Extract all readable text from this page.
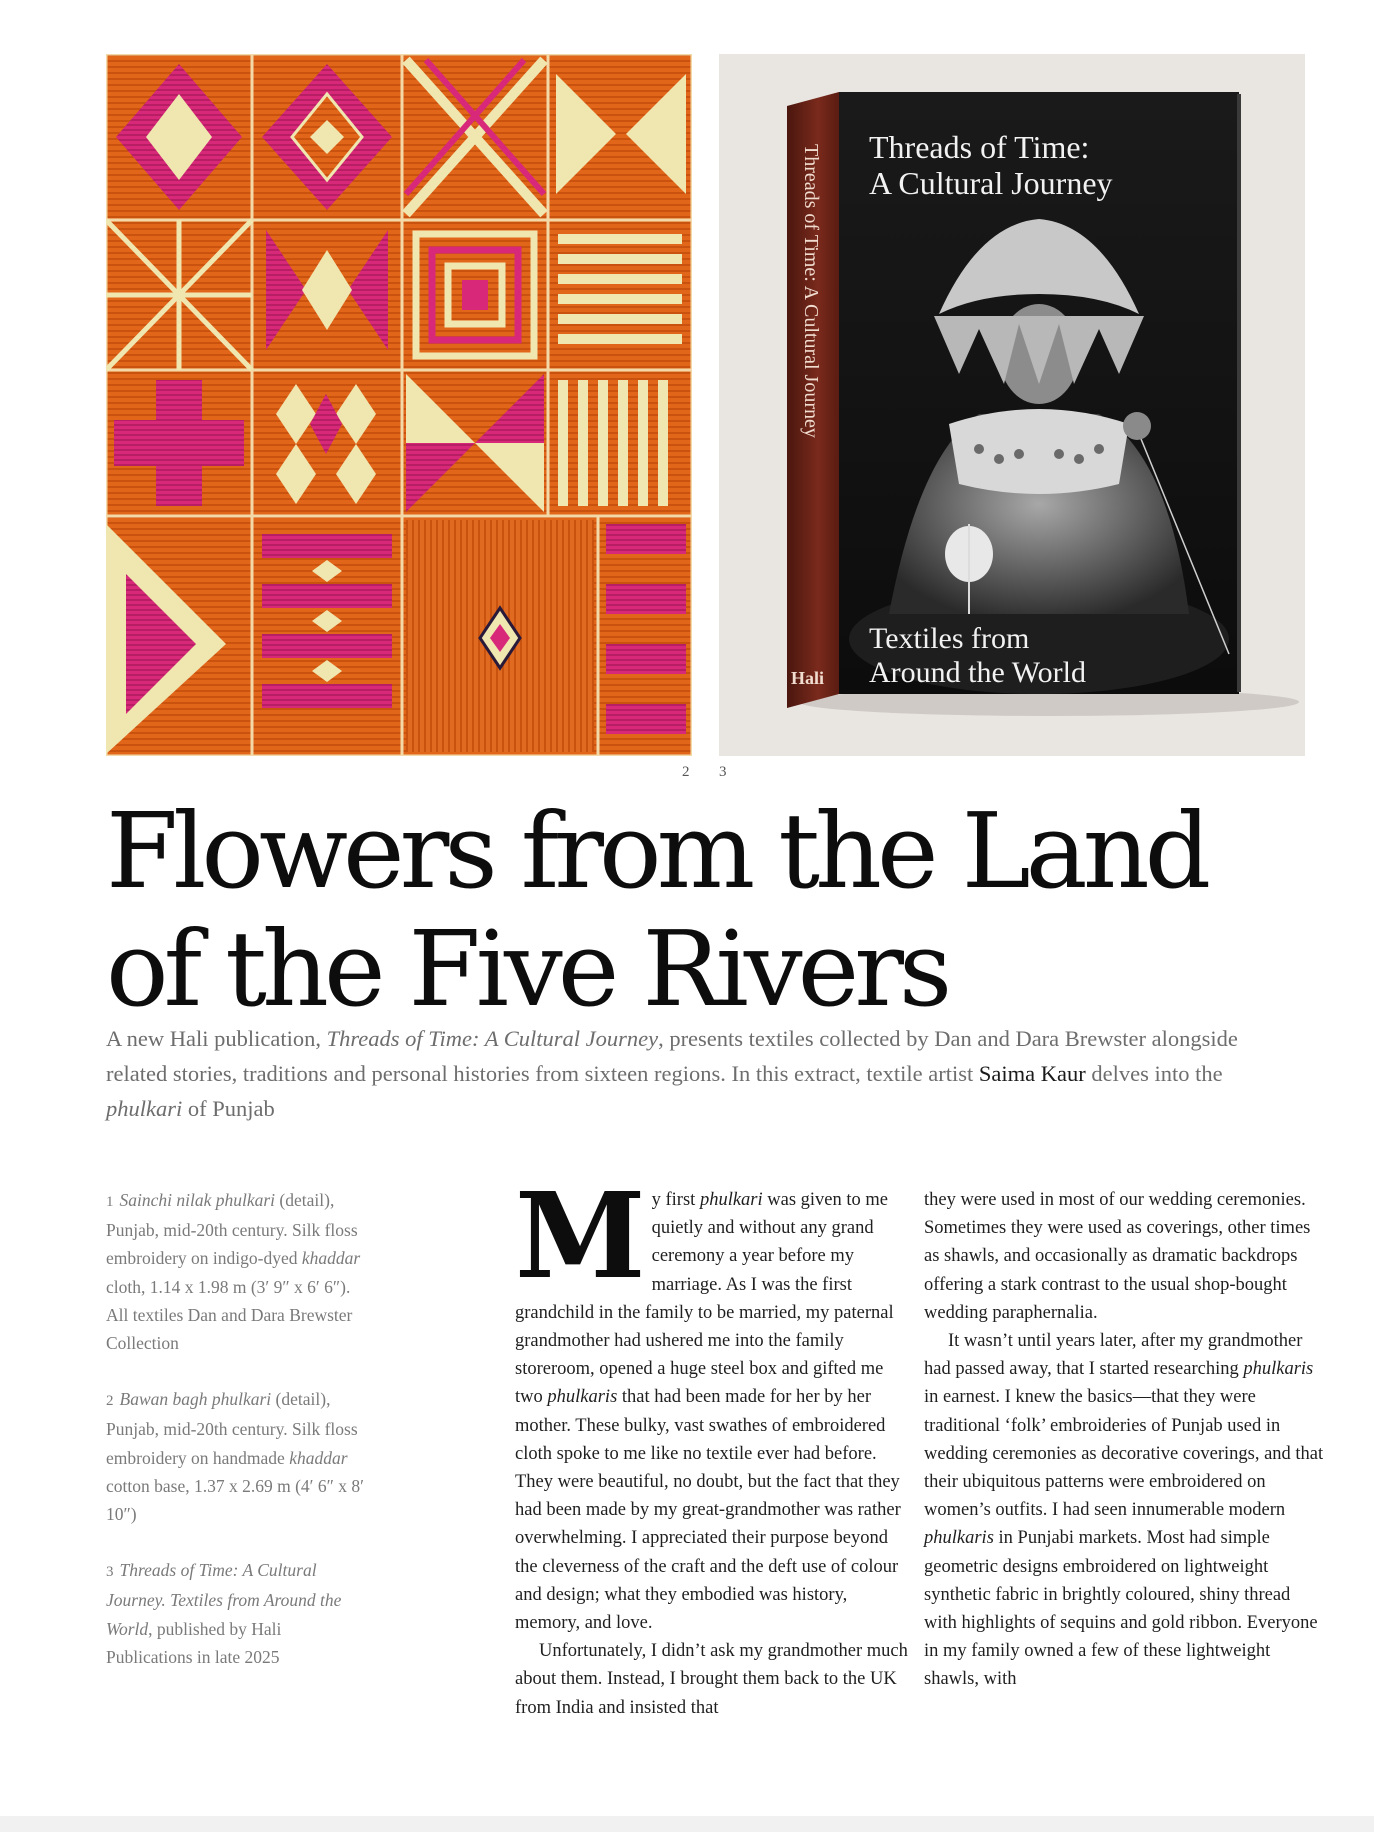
Threads of Time:
A Cultural Journey
Textiles from
Around the World
Threads of Time: A Cultural Journey
Hali
2 3
Flowers from the Land
of the Five Rivers

A new Hali publication, Threads of Time: A Cultural Journey, presents textiles collected by Dan and Dara Brewster alongside related stories, traditions and personal histories from sixteen regions. In this extract, textile artist Saima Kaur delves into the phulkari of Punjab

1 Sainchi nilak phulkari (detail), Punjab, mid-20th century. Silk floss embroidery on indigo-dyed khaddar cloth, 1.14 x 1.98 m (3′ 9″ x 6′ 6″). All textiles Dan and Dara Brewster Collection

2 Bawan bagh phulkari (detail), Punjab, mid-20th century. Silk floss embroidery on handmade khaddar cotton base, 1.37 x 2.69 m (4′ 6″ x 8′ 10″)

3 Threads of Time: A Cultural Journey. Textiles from Around the World, published by Hali Publications in late 2025

My first phulkari was given to me quietly and without any grand ceremony a year before my marriage. As I was the first grandchild in the family to be married, my paternal grandmother had ushered me into the family storeroom, opened a huge steel box and gifted me two phulkaris that had been made for her by her mother. These bulky, vast swathes of embroidered cloth spoke to me like no textile ever had before. They were beautiful, no doubt, but the fact that they had been made by my great-grandmother was rather overwhelming. I appreciated their purpose beyond the cleverness of the craft and the deft use of colour and design; what they embodied was history, memory, and love.

Unfortunately, I didn’t ask my grandmother much about them. Instead, I brought them back to the UK from India and insisted that

they were used in most of our wedding ceremonies. Sometimes they were used as coverings, other times as shawls, and occasionally as dramatic backdrops offering a stark contrast to the usual shop-bought wedding paraphernalia.

It wasn’t until years later, after my grandmother had passed away, that I started researching phulkaris in earnest. I knew the basics—that they were traditional ‘folk’ embroideries of Punjab used in wedding ceremonies as decorative coverings, and that their ubiquitous patterns were embroidered on women’s outfits. I had seen innumerable modern phulkaris in Punjabi markets. Most had simple geometric designs embroidered on lightweight synthetic fabric in brightly coloured, shiny thread with highlights of sequins and gold ribbon. Everyone in my family owned a few of these lightweight shawls, with
